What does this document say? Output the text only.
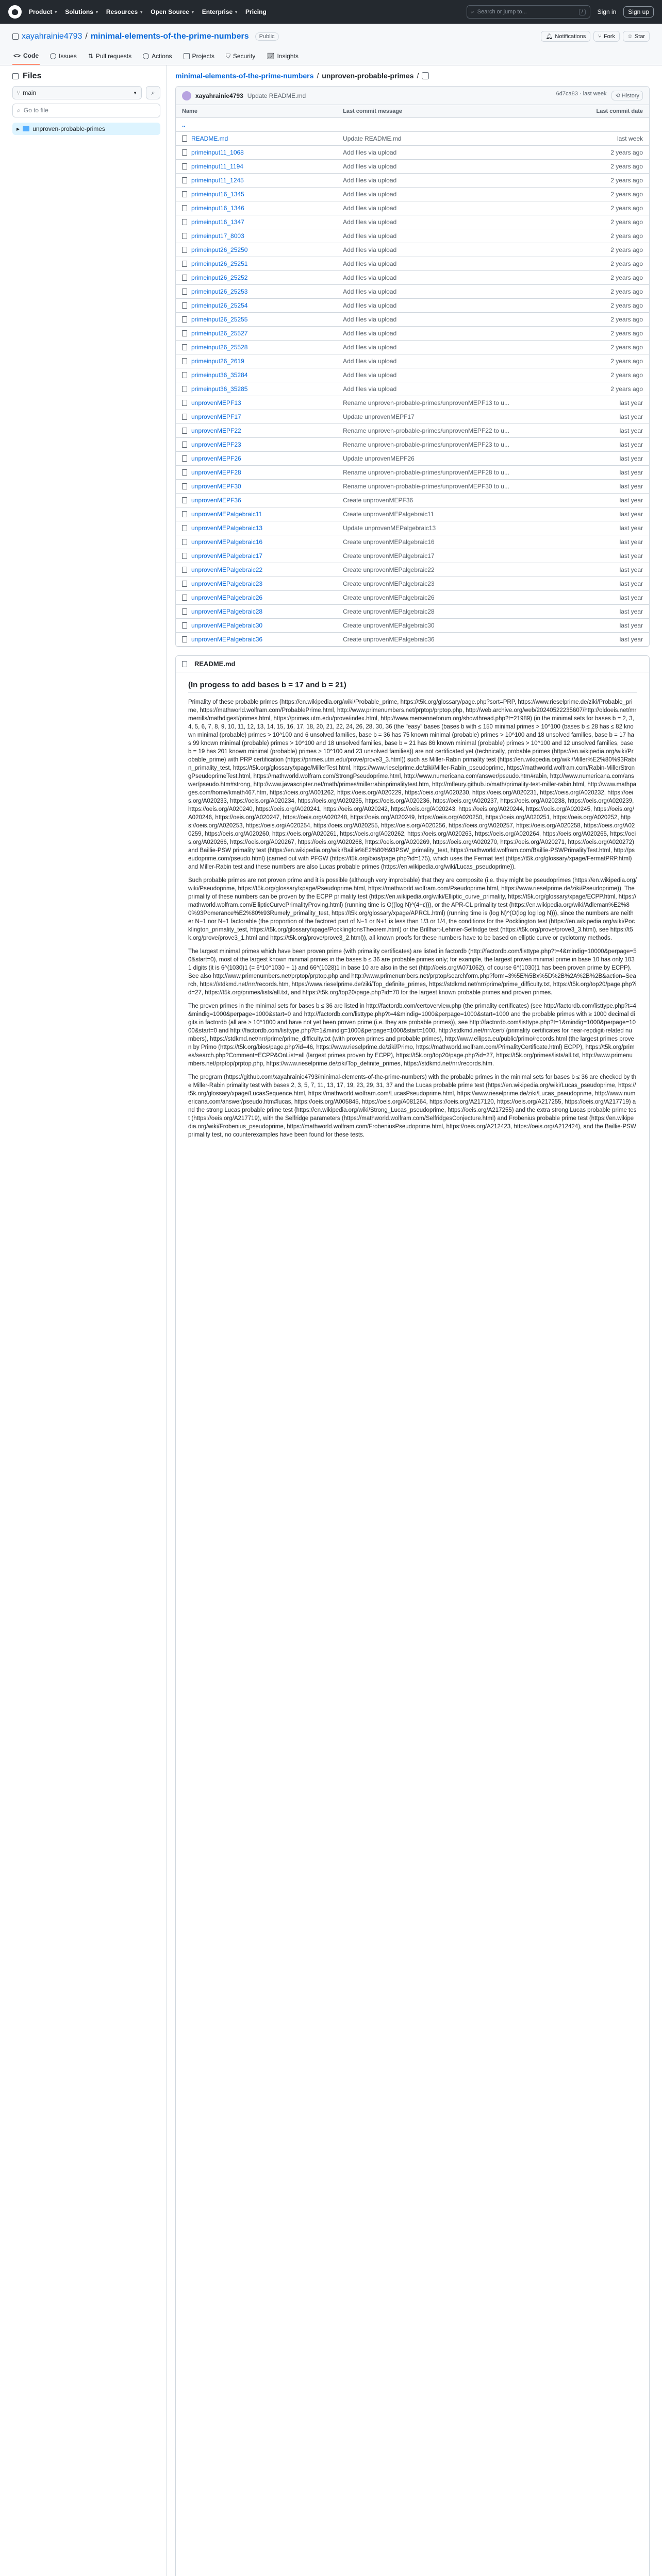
Product ▼ Solutions ▼ Resources ▼ Open Source ▼ Enterprise ▼ Pricing	⌕ Search or jump to...	/	Sign in	Sign up
xayahrainie4793 / minimal-elements-of-the-prime-numbers	Public	🔔︎ Notifications ⑂ Fork ☆ Star
<> Code	Issues ⇅ Pull requests	Actions	Projects ⛉ Security 📈︎ Insights
Files
⑂ main	▼ ⌕
⌕ Go to file
▶ unproven-probable-primes
minimal-elements-of-the-prime-numbers / unproven-probable-primes /
xayahrainie4793 Update README.md	6d7ca83 · last week	⟲ History
Name	Last commit message	Last commit date
..		
README.md	Update README.md	last week
primeinput11_1068	Add files via upload	2 years ago
primeinput11_1194	Add files via upload	2 years ago
primeinput11_1245	Add files via upload	2 years ago
primeinput16_1345	Add files via upload	2 years ago
primeinput16_1346	Add files via upload	2 years ago
primeinput16_1347	Add files via upload	2 years ago
primeinput17_8003	Add files via upload	2 years ago
primeinput26_25250	Add files via upload	2 years ago
primeinput26_25251	Add files via upload	2 years ago
primeinput26_25252	Add files via upload	2 years ago
primeinput26_25253	Add files via upload	2 years ago
primeinput26_25254	Add files via upload	2 years ago
primeinput26_25255	Add files via upload	2 years ago
primeinput26_25527	Add files via upload	2 years ago
primeinput26_25528	Add files via upload	2 years ago
primeinput26_2619	Add files via upload	2 years ago
primeinput36_35284	Add files via upload	2 years ago
primeinput36_35285	Add files via upload	2 years ago
unprovenMEPF13	Rename unproven-probable-primes/unprovenMEPF13 to u...	last year
unprovenMEPF17	Update unprovenMEPF17	last year
unprovenMEPF22	Rename unproven-probable-primes/unprovenMEPF22 to u...	last year
unprovenMEPF23	Rename unproven-probable-primes/unprovenMEPF23 to u...	last year
unprovenMEPF26	Update unprovenMEPF26	last year
unprovenMEPF28	Rename unproven-probable-primes/unprovenMEPF28 to u...	last year
unprovenMEPF30	Rename unproven-probable-primes/unprovenMEPF30 to u...	last year
unprovenMEPF36	Create unprovenMEPF36	last year
unprovenMEPalgebraic11	Create unprovenMEPalgebraic11	last year
unprovenMEPalgebraic13	Update unprovenMEPalgebraic13	last year
unprovenMEPalgebraic16	Create unprovenMEPalgebraic16	last year
unprovenMEPalgebraic17	Create unprovenMEPalgebraic17	last year
unprovenMEPalgebraic22	Create unprovenMEPalgebraic22	last year
unprovenMEPalgebraic23	Create unprovenMEPalgebraic23	last year
unprovenMEPalgebraic26	Create unprovenMEPalgebraic26	last year
unprovenMEPalgebraic28	Create unprovenMEPalgebraic28	last year
unprovenMEPalgebraic30	Create unprovenMEPalgebraic30	last year
unprovenMEPalgebraic36	Create unprovenMEPalgebraic36	last year
README.md
(In progess to add bases b = 17 and b = 21)

Primality of these probable primes (https://en.wikipedia.org/wiki/Probable_prime, https://t5k.org/glossary/page.php?sort=PRP, https://www.rieselprime.de/ziki/Probable_prime, https://mathworld.wolfram.com/ProbablePrime.html, http://www.primenumbers.net/prptop/prptop.php, http://web.archive.org/web/20240522235607/http://oldoeis.net/mrmerrills/mathdigest/primes.html, https://primes.utm.edu/prove/index.html, http://www.mersenneforum.org/showthread.php?t=21989) (in the minimal sets for bases b = 2, 3, 4, 5, 6, 7, 8, 9, 10, 11, 12, 13, 14, 15, 16, 17, 18, 20, 21, 22, 24, 26, 28, 30, 36 (the "easy" bases (bases b with ≤ 150 minimal primes > 10^100 (bases b ≤ 28 has ≤ 82 known minimal (probable) primes > 10^100 and 6 unsolved families, base b = 36 has 75 known minimal (probable) primes > 10^100 and 18 unsolved families, base b = 17 has 99 known minimal (probable) primes > 10^100 and 18 unsolved families, base b = 21 has 86 known minimal (probable) primes > 10^100 and 12 unsolved families, base b = 19 has 201 known minimal (probable) primes > 10^100 and 23 unsolved families)) are not certificated yet (technically, probable primes (https://en.wikipedia.org/wiki/Probable_prime) with PRP certification (https://primes.utm.edu/prove/prove3_3.html)) such as Miller-Rabin primality test (https://en.wikipedia.org/wiki/Miller%E2%80%93Rabin_primality_test, https://t5k.org/glossary/xpage/MillerTest.html, https://www.rieselprime.de/ziki/Miller-Rabin_pseudoprime, https://mathworld.wolfram.com/Rabin-MillerStrongPseudoprimeTest.html, https://mathworld.wolfram.com/StrongPseudoprime.html, http://www.numericana.com/answer/pseudo.htm#rabin, http://www.numericana.com/answer/pseudo.htm#strong, http://www.javascripter.net/math/primes/millerrabinprimalitytest.htm, http://mfleury.github.io/math/primality-test-miller-rabin.html, http://www.mathpages.com/home/kmath467.htm, https://oeis.org/A001262, https://oeis.org/A020229, https://oeis.org/A020230, https://oeis.org/A020231, https://oeis.org/A020232, https://oeis.org/A020233, https://oeis.org/A020234, https://oeis.org/A020235, https://oeis.org/A020236, https://oeis.org/A020237, https://oeis.org/A020238, https://oeis.org/A020239, https://oeis.org/A020240, https://oeis.org/A020241, https://oeis.org/A020242, https://oeis.org/A020243, https://oeis.org/A020244, https://oeis.org/A020245, https://oeis.org/A020246, https://oeis.org/A020247, https://oeis.org/A020248, https://oeis.org/A020249, https://oeis.org/A020250, https://oeis.org/A020251, https://oeis.org/A020252, https://oeis.org/A020253, https://oeis.org/A020254, https://oeis.org/A020255, https://oeis.org/A020256, https://oeis.org/A020257, https://oeis.org/A020258, https://oeis.org/A020259, https://oeis.org/A020260, https://oeis.org/A020261, https://oeis.org/A020262, https://oeis.org/A020263, https://oeis.org/A020264, https://oeis.org/A020265, https://oeis.org/A020266, https://oeis.org/A020267, https://oeis.org/A020268, https://oeis.org/A020269, https://oeis.org/A020270, https://oeis.org/A020271, https://oeis.org/A020272) and Baillie-PSW primality test (https://en.wikipedia.org/wiki/Baillie%E2%80%93PSW_primality_test, https://mathworld.wolfram.com/Baillie-PSWPrimalityTest.html, http://pseudoprime.com/pseudo.html) (carried out with PFGW (https://t5k.org/bios/page.php?id=175), which uses the Fermat test (https://t5k.org/glossary/xpage/FermatPRP.html) and Miller-Rabin test and these numbers are also Lucas probable primes (https://en.wikipedia.org/wiki/Lucas_pseudoprime)).

Such probable primes are not proven prime and it is possible (although very improbable) that they are composite (i.e. they might be pseudoprimes (https://en.wikipedia.org/wiki/Pseudoprime, https://t5k.org/glossary/xpage/Pseudoprime.html, https://mathworld.wolfram.com/Pseudoprime.html, https://www.rieselprime.de/ziki/Pseudoprime)). The primality of these numbers can be proven by the ECPP primality test (https://en.wikipedia.org/wiki/Elliptic_curve_primality, https://t5k.org/glossary/xpage/ECPP.html, https://mathworld.wolfram.com/EllipticCurvePrimalityProving.html) (running time is O((log N)^(4+ε))), or the APR-CL primality test (https://en.wikipedia.org/wiki/Adleman%E2%80%93Pomerance%E2%80%93Rumely_primality_test, https://t5k.org/glossary/xpage/APRCL.html) (running time is (log N)^(O(log log log N))), since the numbers are neither N−1 nor N+1 factorable (the proportion of the factored part of N−1 or N+1 is less than 1/3 or 1/4, the conditions for the Pocklington test (https://en.wikipedia.org/wiki/Pocklington_primality_test, https://t5k.org/glossary/xpage/PocklingtonsTheorem.html) or the Brillhart-Lehmer-Selfridge test (https://t5k.org/prove/prove3_3.html), see https://t5k.org/prove/prove3_1.html and https://t5k.org/prove/prove3_2.html)), all known proofs for these numbers have to be based on elliptic curve or cyclotomy methods.

The largest minimal primes which have been proven prime (with primality certificates) are listed in factordb (http://factordb.com/listtype.php?t=4&mindig=10000&perpage=50&start=0), most of the largest known minimal primes in the bases b ≤ 36 are probable primes only; for example, the largest proven minimal prime in base 10 has only 1031 digits (it is 6^(1030)1 (= 6*10^1030 + 1) and 66^(1028)1 in base 10 are also in the set (http://oeis.org/A071062), of course 6^(1030)1 has been proven prime by ECPP). See also http://www.primenumbers.net/prptop/prptop.php and http://www.primenumbers.net/prptop/searchform.php?form=3%5E%5Bx%5D%2B%2A%2B%2B&action=Search, https://stdkmd.net/nrr/records.htm, https://www.rieselprime.de/ziki/Top_definite_primes, https://stdkmd.net/nrr/prime/prime_difficulty.txt, https://t5k.org/top20/page.php?id=27, https://t5k.org/primes/lists/all.txt, and https://t5k.org/top20/page.php?id=70 for the largest known probable primes and proven primes.

The proven primes in the minimal sets for bases b ≤ 36 are listed in http://factordb.com/certoverview.php (the primality certificates) (see http://factordb.com/listtype.php?t=4&mindig=1000&perpage=1000&start=0 and http://factordb.com/listtype.php?t=4&mindig=1000&perpage=1000&start=1000 and the probable primes with ≥ 1000 decimal digits in factordb (all are ≥ 10^1000 and have not yet been proven prime (i.e. they are probable primes)), see http://factordb.com/listtype.php?t=1&mindig=1000&perpage=1000&start=0 and http://factordb.com/listtype.php?t=1&mindig=1000&perpage=1000&start=1000, http://stdkmd.net/nrr/cert/ (primality certificates for near-repdigit-related numbers), https://stdkmd.net/nrr/prime/prime_difficulty.txt (with proven primes and probable primes), http://www.ellipsa.eu/public/primo/records.html (the largest primes proven by Primo (https://t5k.org/bios/page.php?id=46, https://www.rieselprime.de/ziki/Primo, https://mathworld.wolfram.com/PrimalityCertificate.html) ECPP), https://t5k.org/primes/search.php?Comment=ECPP&OnList=all (largest primes proven by ECPP), https://t5k.org/top20/page.php?id=27, https://t5k.org/primes/lists/all.txt, http://www.primenumbers.net/prptop/prptop.php, https://www.rieselprime.de/ziki/Top_definite_primes, https://stdkmd.net/nrr/records.htm.

The program (https://github.com/xayahrainie4793/minimal-elements-of-the-prime-numbers) with the probable primes in the minimal sets for bases b ≤ 36 are checked by the Miller-Rabin primality test with bases 2, 3, 5, 7, 11, 13, 17, 19, 23, 29, 31, 37 and the Lucas probable prime test (https://en.wikipedia.org/wiki/Lucas_pseudoprime, https://t5k.org/glossary/xpage/LucasSequence.html, https://mathworld.wolfram.com/LucasPseudoprime.html, https://www.rieselprime.de/ziki/Lucas_pseudoprime, http://www.numericana.com/answer/pseudo.htm#lucas, https://oeis.org/A005845, https://oeis.org/A081264, https://oeis.org/A217120, https://oeis.org/A217255, https://oeis.org/A217719) and the strong Lucas probable prime test (https://en.wikipedia.org/wiki/Strong_Lucas_pseudoprime, https://oeis.org/A217255) and the extra strong Lucas probable prime test (https://oeis.org/A217719), with the Selfridge parameters (https://mathworld.wolfram.com/SelfridgesConjecture.html) and Frobenius probable prime test (https://en.wikipedia.org/wiki/Frobenius_pseudoprime, https://mathworld.wolfram.com/FrobeniusPseudoprime.html, https://oeis.org/A212423, https://oeis.org/A212424), and the Baillie-PSW primality test, no counterexamples have been found for these tests.
